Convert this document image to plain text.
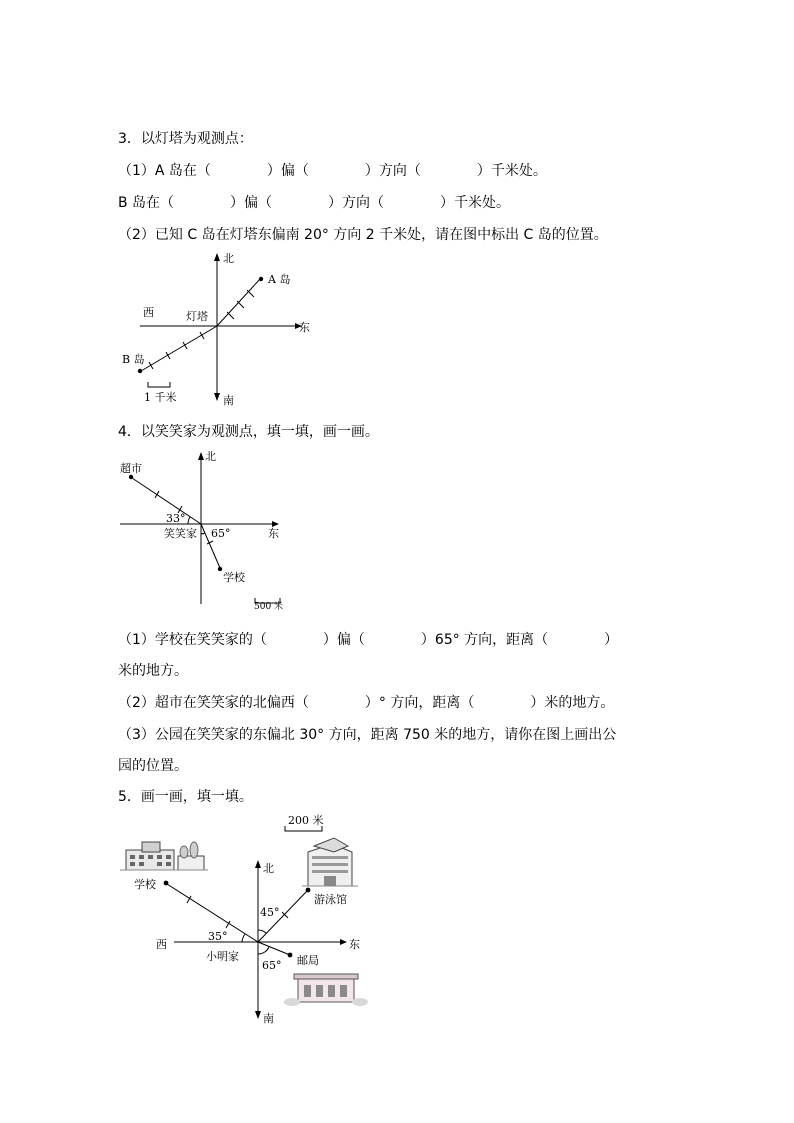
3．以灯塔为观测点：
（1）A 岛在（　　　　）偏（　　　　）方向（　　　　）千米处。
B 岛在（　　　　）偏（　　　　）方向（　　　　）千米处。
（2）已知 C 岛在灯塔东偏南 20° 方向 2 千米处，请在图中标出 C 岛的位置。
1 千米
北
南
东
西	灯塔
A 岛
B 岛
4．以笑笑家为观测点，填一填，画一画。
500 米
北
东
笑笑家
超市
学校
33°
65°
（1）学校在笑笑家的（　　　　）偏（　　　　）65° 方向，距离（　　　　）
米的地方。
（2）超市在笑笑家的北偏西（　　　　）° 方向，距离（　　　　）米的地方。
（3）公园在笑笑家的东偏北 30° 方向，距离 750 米的地方，请你在图上画出公
园的位置。
5．画一画，填一填。
200 米
北
南
东
西
小明家
学校
游泳馆
邮局
45°
35°
65°
